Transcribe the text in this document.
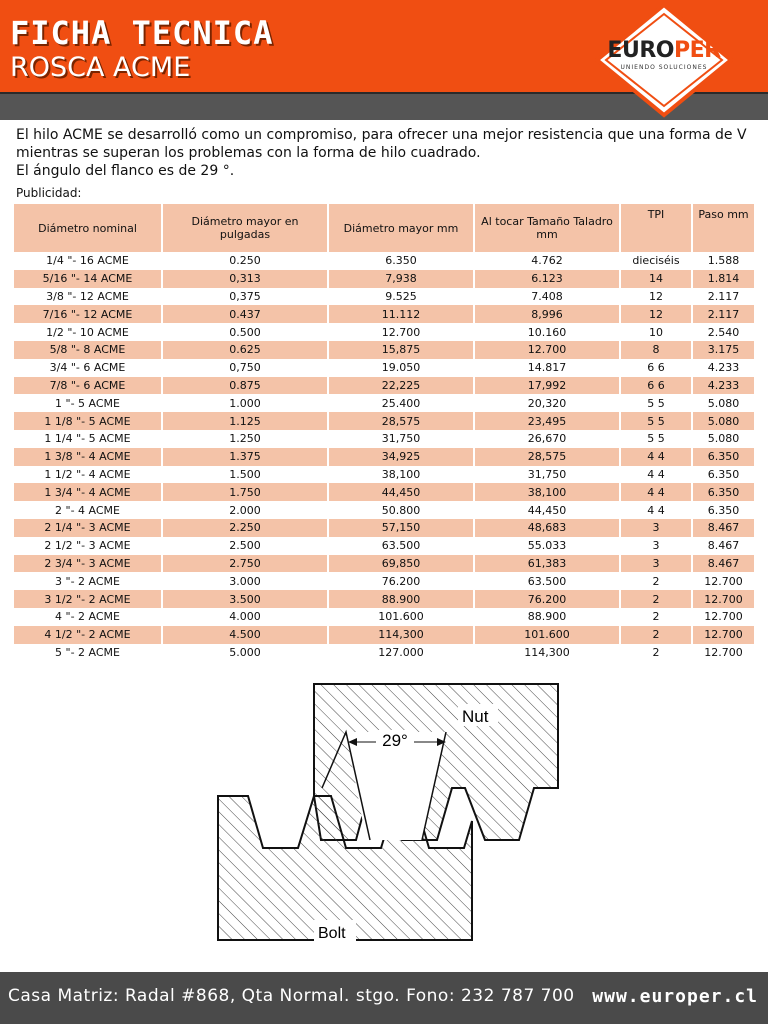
FICHA TECNICA
ROSCA ACME
EUROPER
UNIENDO SOLUCIONES
El hilo ACME se desarrolló como un compromiso, para ofrecer una mejor resistencia que una forma de V mientras se superan los problemas con la forma de hilo cuadrado.
El ángulo del flanco es de 29 °.
Publicidad:
Diámetro nominal	Diámetro mayor en pulgadas	Diámetro mayor mm	Al tocar Tamaño Taladro mm	TPI	Paso mm
1/4 "- 16 ACME	0.250	6.350	4.762	dieciséis	1.588
5/16 "- 14 ACME	0,313	7,938	6.123	14	1.814
3/8 "- 12 ACME	0,375	9.525	7.408	12	2.117
7/16 "- 12 ACME	0.437	11.112	8,996	12	2.117
1/2 "- 10 ACME	0.500	12.700	10.160	10	2.540
5/8 "- 8 ACME	0.625	15,875	12.700	8	3.175
3/4 "- 6 ACME	0,750	19.050	14.817	6 6	4.233
7/8 "- 6 ACME	0.875	22,225	17,992	6 6	4.233
1 "- 5 ACME	1.000	25.400	20,320	5 5	5.080
1 1/8 "- 5 ACME	1.125	28,575	23,495	5 5	5.080
1 1/4 "- 5 ACME	1.250	31,750	26,670	5 5	5.080
1 3/8 "- 4 ACME	1.375	34,925	28,575	4 4	6.350
1 1/2 "- 4 ACME	1.500	38,100	31,750	4 4	6.350
1 3/4 "- 4 ACME	1.750	44,450	38,100	4 4	6.350
2 "- 4 ACME	2.000	50.800	44,450	4 4	6.350
2 1/4 "- 3 ACME	2.250	57,150	48,683	3	8.467
2 1/2 "- 3 ACME	2.500	63.500	55.033	3	8.467
2 3/4 "- 3 ACME	2.750	69,850	61,383	3	8.467
3 "- 2 ACME	3.000	76.200	63.500	2	12.700
3 1/2 "- 2 ACME	3.500	88.900	76.200	2	12.700
4 "- 2 ACME	4.000	101.600	88.900	2	12.700
4 1/2 "- 2 ACME	4.500	114,300	101.600	2	12.700
5 "- 2 ACME	5.000	127.000	114,300	2	12.700
29°
Nut
Bolt
Casa Matriz: Radal #868, Qta Normal. stgo. Fono: 232 787 700 www.europer.cl
